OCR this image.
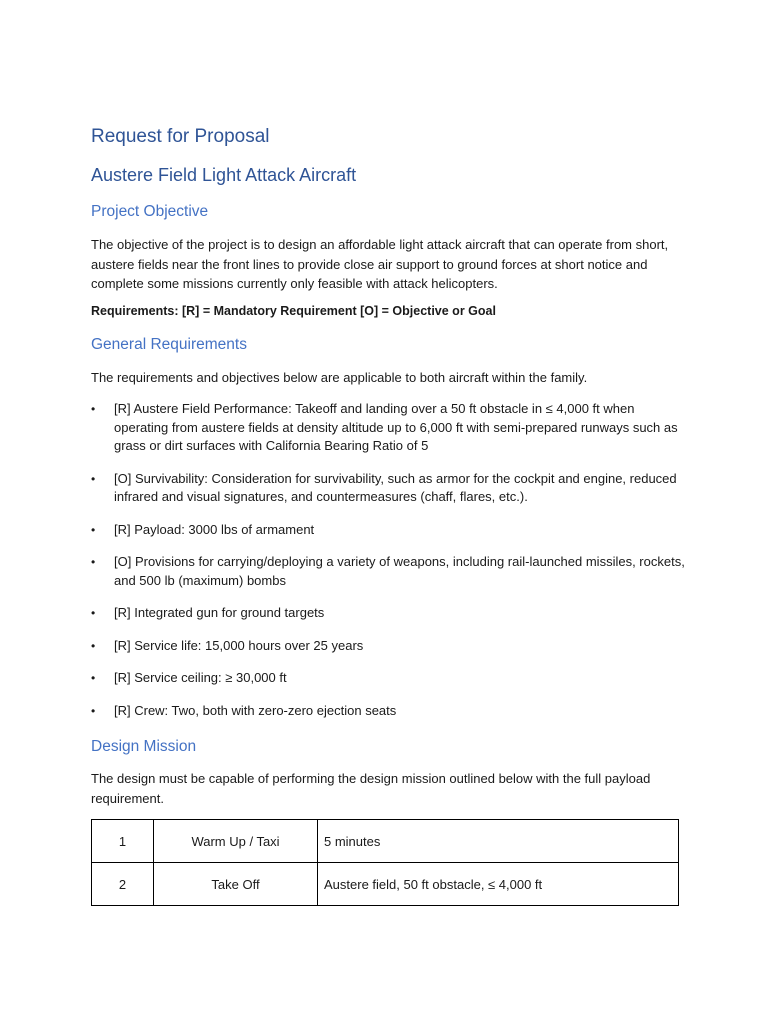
Request for Proposal
Austere Field Light Attack Aircraft
Project Objective
The objective of the project is to design an affordable light attack aircraft that can operate from short, austere fields near the front lines to provide close air support to ground forces at short notice and complete some missions currently only feasible with attack helicopters.
Requirements: [R] = Mandatory Requirement [O] = Objective or Goal
General Requirements
The requirements and objectives below are applicable to both aircraft within the family.
• [R] Austere Field Performance: Takeoff and landing over a 50 ft obstacle in ≤ 4,000 ft when operating from austere fields at density altitude up to 6,000 ft with semi-prepared runways such as grass or dirt surfaces with California Bearing Ratio of 5
• [O] Survivability: Consideration for survivability, such as armor for the cockpit and engine, reduced infrared and visual signatures, and countermeasures (chaff, flares, etc.).
• [R] Payload: 3000 lbs of armament
• [O] Provisions for carrying/deploying a variety of weapons, including rail-launched missiles, rockets, and 500 lb (maximum) bombs
• [R] Integrated gun for ground targets
• [R] Service life: 15,000 hours over 25 years
• [R] Service ceiling: ≥ 30,000 ft
• [R] Crew: Two, both with zero-zero ejection seats
Design Mission
The design must be capable of performing the design mission outlined below with the full payload requirement.
1	Warm Up / Taxi	5 minutes
2	Take Off	Austere field, 50 ft obstacle, ≤ 4,000 ft
